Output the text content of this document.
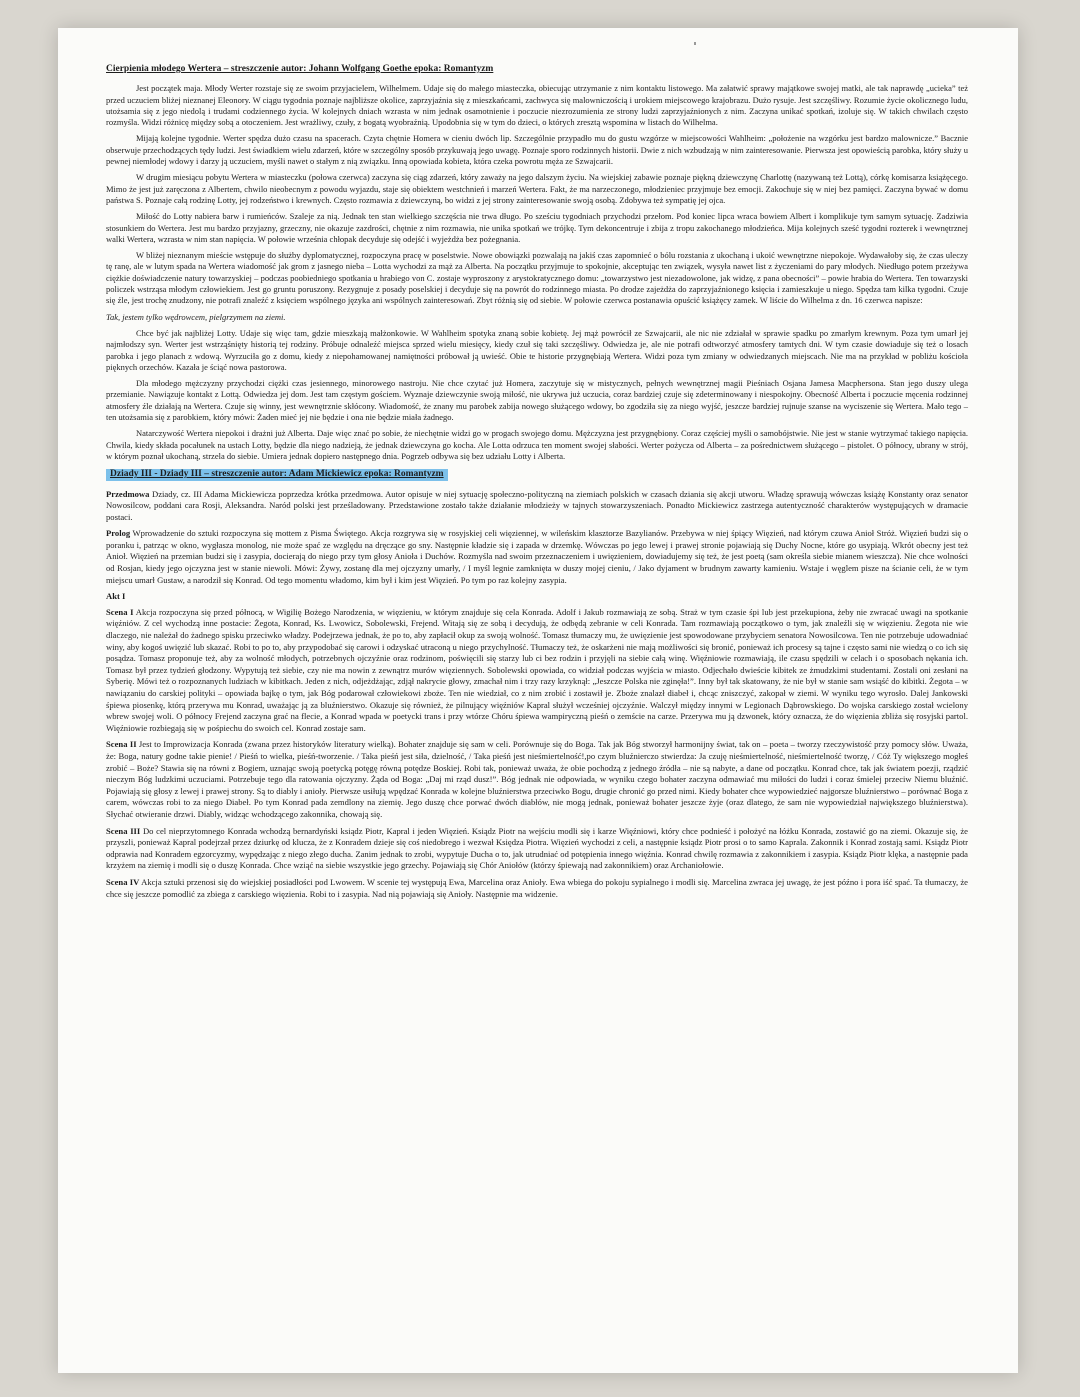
Cierpienia młodego Wertera – streszczenie autor: Johann Wolfgang Goethe epoka: Romantyzm

Jest początek maja. Młody Werter rozstaje się ze swoim przyjacielem, Wilhelmem. Udaje się do małego miasteczka, obiecując utrzymanie z nim kontaktu listowego. Ma załatwić sprawy majątkowe swojej matki, ale tak naprawdę „ucieka” też przed uczuciem bliżej nieznanej Eleonory. W ciągu tygodnia poznaje najbliższe okolice, zaprzyjaźnia się z mieszkańcami, zachwyca się malowniczością i urokiem miejscowego krajobrazu. Dużo rysuje. Jest szczęśliwy. Rozumie życie okolicznego ludu, utożsamia się z jego niedolą i trudami codziennego życia. W kolejnych dniach wzrasta w nim jednak osamotnienie i poczucie niezrozumienia ze strony ludzi zaprzyjaźnionych z nim. Zaczyna unikać spotkań, izoluje się. W takich chwilach często rozmyśla. Widzi różnicę między sobą a otoczeniem. Jest wrażliwy, czuły, z bogatą wyobraźnią. Upodobnia się w tym do dzieci, o których zresztą wspomina w listach do Wilhelma.

Mijają kolejne tygodnie. Werter spędza dużo czasu na spacerach. Czyta chętnie Homera w cieniu dwóch lip. Szczególnie przypadło mu do gustu wzgórze w miejscowości Wahlheim: „położenie na wzgórku jest bardzo malownicze.” Bacznie obserwuje przechodzących tędy ludzi. Jest świadkiem wielu zdarzeń, które w szczególny sposób przykuwają jego uwagę. Poznaje sporo rodzinnych historii. Dwie z nich wzbudzają w nim zainteresowanie. Pierwsza jest opowieścią parobka, który służy u pewnej niemłodej wdowy i darzy ją uczuciem, myśli nawet o stałym z nią związku. Inną opowiada kobieta, która czeka powrotu męża ze Szwajcarii.

W drugim miesiącu pobytu Wertera w miasteczku (połowa czerwca) zaczyna się ciąg zdarzeń, który zaważy na jego dalszym życiu. Na wiejskiej zabawie poznaje piękną dziewczynę Charlottę (nazywaną też Lottą), córkę komisarza książęcego. Mimo że jest już zaręczona z Albertem, chwilo nieobecnym z powodu wyjazdu, staje się obiektem westchnień i marzeń Wertera. Fakt, że ma narzeczonego, młodzieniec przyjmuje bez emocji. Zakochuje się w niej bez pamięci. Zaczyna bywać w domu państwa S. Poznaje całą rodzinę Lotty, jej rodzeństwo i krewnych. Często rozmawia z dziewczyną, bo widzi z jej strony zainteresowanie swoją osobą. Zdobywa też sympatię jej ojca.

Miłość do Lotty nabiera barw i rumieńców. Szaleje za nią. Jednak ten stan wielkiego szczęścia nie trwa długo. Po sześciu tygodniach przychodzi przełom. Pod koniec lipca wraca bowiem Albert i komplikuje tym samym sytuację. Zadziwia stosunkiem do Wertera. Jest mu bardzo przyjazny, grzeczny, nie okazuje zazdrości, chętnie z nim rozmawia, nie unika spotkań we trójkę. Tym dekoncentruje i zbija z tropu zakochanego młodzieńca. Mija kolejnych sześć tygodni rozterek i wewnętrznej walki Wertera, wzrasta w nim stan napięcia. W połowie września chłopak decyduje się odejść i wyjeżdża bez pożegnania.

W bliżej nieznanym mieście wstępuje do służby dyplomatycznej, rozpoczyna pracę w poselstwie. Nowe obowiązki pozwalają na jakiś czas zapomnieć o bólu rozstania z ukochaną i ukoić wewnętrzne niepokoje. Wydawałoby się, że czas uleczy tę ranę, ale w lutym spada na Wertera wiadomość jak grom z jasnego nieba – Lotta wychodzi za mąż za Alberta. Na początku przyjmuje to spokojnie, akceptując ten związek, wysyła nawet list z życzeniami do pary młodych. Niedługo potem przeżywa ciężkie doświadczenie natury towarzyskiej – podczas poobiedniego spotkania u hrabiego von C. zostaje wyproszony z arystokratycznego domu: „towarzystwo jest niezadowolone, jak widzę, z pana obecności” – powie hrabia do Wertera. Ten towarzyski policzek wstrząsa młodym człowiekiem. Jest go gruntu poruszony. Rezygnuje z posady poselskiej i decyduje się na powrót do rodzinnego miasta. Po drodze zajeżdża do zaprzyjaźnionego księcia i zamieszkuje u niego. Spędza tam kilka tygodni. Czuje się źle, jest trochę znudzony, nie potrafi znaleźć z księciem wspólnego języka ani wspólnych zainteresowań. Zbyt różnią się od siebie. W połowie czerwca postanawia opuścić książęcy zamek. W liście do Wilhelma z dn. 16 czerwca napisze:

Tak, jestem tylko wędrowcem, pielgrzymem na ziemi.

Chce być jak najbliżej Lotty. Udaje się więc tam, gdzie mieszkają małżonkowie. W Wahlheim spotyka znaną sobie kobietę. Jej mąż powrócił ze Szwajcarii, ale nic nie zdziałał w sprawie spadku po zmarłym krewnym. Poza tym umarł jej najmłodszy syn. Werter jest wstrząśnięty historią tej rodziny. Próbuje odnaleźć miejsca sprzed wielu miesięcy, kiedy czuł się taki szczęśliwy. Odwiedza je, ale nie potrafi odtworzyć atmosfery tamtych dni. W tym czasie dowiaduje się też o losach parobka i jego planach z wdową. Wyrzuciła go z domu, kiedy z niepohamowanej namiętności próbował ją uwieść. Obie te historie przygnębiają Wertera. Widzi poza tym zmiany w odwiedzanych miejscach. Nie ma na przykład w pobliżu kościoła pięknych orzechów. Kazała je ściąć nowa pastorowa.

Dla młodego mężczyzny przychodzi ciężki czas jesiennego, minorowego nastroju. Nie chce czytać już Homera, zaczytuje się w mistycznych, pełnych wewnętrznej magii Pieśniach Osjana Jamesa Macphersona. Stan jego duszy ulega przemianie. Nawiązuje kontakt z Lottą. Odwiedza jej dom. Jest tam częstym gościem. Wyznaje dziewczynie swoją miłość, nie ukrywa już uczucia, coraz bardziej czuje się zdeterminowany i niespokojny. Obecność Alberta i poczucie męcenia rodzinnej atmosfery źle działają na Wertera. Czuje się winny, jest wewnętrznie skłócony. Wiadomość, że znany mu parobek zabija nowego służącego wdowy, bo zgodziła się za niego wyjść, jeszcze bardziej rujnuje szanse na wyciszenie się Wertera. Mało tego – ten utożsamia się z parobkiem, który mówi: Żaden mieć jej nie będzie i ona nie będzie miała żadnego.

Natarczywość Wertera niepokoi i drażni już Alberta. Daje więc znać po sobie, że niechętnie widzi go w progach swojego domu. Mężczyzna jest przygnębiony. Coraz częściej myśli o samobójstwie. Nie jest w stanie wytrzymać takiego napięcia. Chwila, kiedy składa pocałunek na ustach Lotty, będzie dla niego nadzieją, że jednak dziewczyna go kocha. Ale Lotta odrzuca ten moment swojej słabości. Werter pożycza od Alberta – za pośrednictwem służącego – pistolet. O północy, ubrany w strój, w którym poznał ukochaną, strzela do siebie. Umiera jednak dopiero następnego dnia. Pogrzeb odbywa się bez udziału Lotty i Alberta.

Dziady III - Dziady III – streszczenie autor: Adam Mickiewicz epoka: Romantyzm

Przedmowa Dziady, cz. III Adama Mickiewicza poprzedza krótka przedmowa. Autor opisuje w niej sytuację społeczno-polityczną na ziemiach polskich w czasach dziania się akcji utworu. Władzę sprawują wówczas książę Konstanty oraz senator Nowosilcow, poddani cara Rosji, Aleksandra. Naród polski jest prześladowany. Przedstawione zostało także działanie młodzieży w tajnych stowarzyszeniach. Ponadto Mickiewicz zastrzega autentyczność charakterów występujących w dramacie postaci.

Prolog Wprowadzenie do sztuki rozpoczyna się mottem z Pisma Świętego. Akcja rozgrywa się w rosyjskiej celi więziennej, w wileńskim klasztorze Bazylianów. Przebywa w niej śpiący Więzień, nad którym czuwa Anioł Stróż. Więzień budzi się o poranku i, patrząc w okno, wygłasza monolog, nie może spać ze względu na dręczące go sny. Następnie kładzie się i zapada w drzemkę. Wówczas po jego lewej i prawej stronie pojawiają się Duchy Nocne, które go usypiają. Wkrót obecny jest też Anioł. Więzień na przemian budzi się i zasypia, docierają do niego przy tym głosy Anioła i Duchów. Rozmyśla nad swoim przeznaczeniem i uwięzieniem, dowiadujemy się też, że jest poetą (sam określa siebie mianem wieszcza). Nie chce wolności od Rosjan, kiedy jego ojczyzna jest w stanie niewoli. Mówi: Żywy, zostanę dla mej ojczyzny umarły, / I myśl legnie zamknięta w duszy mojej cieniu, / Jako dyjament w brudnym zawarty kamieniu. Wstaje i węglem pisze na ścianie celi, że w tym miejscu umarł Gustaw, a narodził się Konrad. Od tego momentu władomo, kim był i kim jest Więzień. Po tym po raz kolejny zasypia.

Akt I

Scena I Akcja rozpoczyna się przed północą, w Wigilię Bożego Narodzenia, w więzieniu, w którym znajduje się cela Konrada. Adolf i Jakub rozmawiają ze sobą. Straż w tym czasie śpi lub jest przekupiona, żeby nie zwracać uwagi na spotkanie więźniów. Z cel wychodzą inne postacie: Żegota, Konrad, Ks. Lwowicz, Sobolewski, Frejend. Witają się ze sobą i decydują, że odbędą zebranie w celi Konrada. Tam rozmawiają początkowo o tym, jak znaleźli się w więzieniu. Żegota nie wie dlaczego, nie należał do żadnego spisku przeciwko władzy. Podejrzewa jednak, że po to, aby zapłacił okup za swoją wolność. Tomasz tłumaczy mu, że uwięzienie jest spowodowane przybyciem senatora Nowosilcowa. Ten nie potrzebuje udowadniać winy, aby kogoś uwięzić lub skazać. Robi to po to, aby przypodobać się carowi i odzyskać utraconą u niego przychylność. Tłumaczy też, że oskarżeni nie mają możliwości się bronić, ponieważ ich procesy są tajne i często sami nie wiedzą o co ich się posądza. Tomasz proponuje też, aby za wolność młodych, potrzebnych ojczyźnie oraz rodzinom, poświęcili się starzy lub ci bez rodzin i przyjęli na siebie całą winę. Więźniowie rozmawiają, ile czasu spędzili w celach i o sposobach nękania ich. Tomasz był przez tydzień głodzony. Wypytują też siebie, czy nie ma nowin z zewnątrz murów więziennych. Sobolewski opowiada, co widział podczas wyjścia w miasto. Odjechało dwieście kibitek ze żmudzkimi studentami. Zostali oni zesłani na Syberię. Mówi też o rozpoznanych ludziach w kibitkach. Jeden z nich, odjeżdżając, zdjął nakrycie głowy, zmachał nim i trzy razy krzyknął: „Jeszcze Polska nie zginęła!”. Inny był tak skatowany, że nie był w stanie sam wsiąść do kibitki. Żegota – w nawiązaniu do carskiej polityki – opowiada bajkę o tym, jak Bóg podarował człowiekowi zboże. Ten nie wiedział, co z nim zrobić i zostawił je. Zboże znalazł diabeł i, chcąc zniszczyć, zakopał w ziemi. W wyniku tego wyrosło. Dalej Jankowski śpiewa piosenkę, którą przerywa mu Konrad, uważając ją za bluźnierstwo. Okazuje się również, że pilnujący więźniów Kapral służył wcześniej ojczyźnie. Walczył między innymi w Legionach Dąbrowskiego. Do wojska carskiego został wcielony wbrew swojej woli. O północy Frejend zaczyna grać na flecie, a Konrad wpada w poetycki trans i przy wtórze Chóru śpiewa wampiryczną pieśń o zemście na carze. Przerywa mu ją dzwonek, który oznacza, że do więzienia zbliża się rosyjski partol. Więźniowie rozbiegają się w pośpiechu do swoich cel. Konrad zostaje sam.

Scena II Jest to Improwizacja Konrada (zwana przez historyków literatury wielką). Bohater znajduje się sam w celi. Porównuje się do Boga. Tak jak Bóg stworzył harmonijny świat, tak on – poeta – tworzy rzeczywistość przy pomocy słów. Uważa, że: Boga, natury godne takie pienie! / Pieśń to wielka, pieśń-tworzenie. / Taka pieśń jest siła, dzielność, / Taka pieśń jest nieśmiertelność!,po czym bluźnierczo stwierdza: Ja czuję nieśmiertelność, nieśmiertelność tworzę, / Cóż Ty większego mogłeś zrobić – Boże? Stawia się na równi z Bogiem, uznając swoją poetycką potęgę równą potędze Boskiej. Robi tak, ponieważ uważa, że obie pochodzą z jednego źródła – nie są nabyte, a dane od początku. Konrad chce, tak jak światem poezji, rządzić nieczym Bóg ludzkimi uczuciami. Potrzebuje tego dla ratowania ojczyzny. Żąda od Boga: „Daj mi rząd dusz!”. Bóg jednak nie odpowiada, w wyniku czego bohater zaczyna odmawiać mu miłości do ludzi i coraz śmielej przeciw Niemu bluźnić. Pojawiają się głosy z lewej i prawej strony. Są to diably i anioły. Pierwsze usiłują wpędzać Konrada w kolejne bluźnierstwa przeciwko Bogu, drugie chronić go przed nimi. Kiedy bohater chce wypowiedzieć najgorsze bluźnierstwo – porównać Boga z carem, wówczas robi to za niego Diabeł. Po tym Konrad pada zemdlony na ziemię. Jego duszę chce porwać dwóch diabłów, nie mogą jednak, ponieważ bohater jeszcze żyje (oraz dlatego, że sam nie wypowiedział największego bluźnierstwa). Słychać otwieranie drzwi. Diably, widząc wchodzącego zakonnika, chowają się.

Scena III Do cel nieprzytomnego Konrada wchodzą bernardyński ksiądz Piotr, Kapral i jeden Więzień. Ksiądz Piotr na wejściu modli się i karze Więźniowi, który chce podnieść i położyć na łóżku Konrada, zostawić go na ziemi. Okazuje się, że przyszli, ponieważ Kapral podejrzał przez dziurkę od klucza, że z Konradem dzieje się coś niedobrego i wezwał Księdza Piotra. Więzień wychodzi z celi, a następnie ksiądz Piotr prosi o to samo Kaprala. Zakonnik i Konrad zostają sami. Ksiądz Piotr odprawia nad Konradem egzorcyzmy, wypędzając z niego złego ducha. Zanim jednak to zrobi, wypytuje Ducha o to, jak utrudniać od potępienia innego więźnia. Konrad chwilę rozmawia z zakonnikiem i zasypia. Ksiądz Piotr klęka, a następnie pada krzyżem na ziemię i modli się o duszę Konrada. Chce wziąć na siebie wszystkie jego grzechy. Pojawiają się Chór Aniołów (którzy śpiewają nad zakonnikiem) oraz Archaniołowie.

Scena IV Akcja sztuki przenosi się do wiejskiej posiadłości pod Lwowem. W scenie tej występują Ewa, Marcelina oraz Anioły. Ewa wbiega do pokoju sypialnego i modli się. Marcelina zwraca jej uwagę, że jest późno i pora iść spać. Ta tłumaczy, że chce się jeszcze pomodlić za zbiega z carskiego więzienia. Robi to i zasypia. Nad nią pojawiają się Anioły. Następnie ma widzenie.
